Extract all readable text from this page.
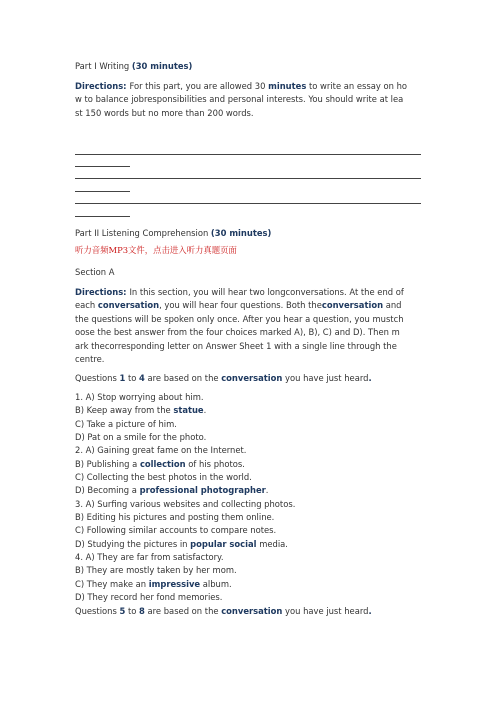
Part I Writing (30 minutes)
Directions: For this part, you are allowed 30 minutes to write an essay on ho
w to balance jobresponsibilities and personal interests. You should write at lea
st 150 words but no more than 200 words.
Part II Listening Comprehension (30 minutes)
听力音频MP3文件，点击进入听力真题页面
Section A
Directions: In this section, you will hear two longconversations. At the end of
each conversation, you will hear four questions. Both theconversation and
the questions will be spoken only once. After you hear a question, you mustch
oose the best answer from the four choices marked A), B), C) and D). Then m
ark thecorresponding letter on Answer Sheet 1 with a single line through the
centre.
Questions 1 to 4 are based on the conversation you have just heard.
1. A) Stop worrying about him.
B) Keep away from the statue.
C) Take a picture of him.
D) Pat on a smile for the photo.
2. A) Gaining great fame on the Internet.
B) Publishing a collection of his photos.
C) Collecting the best photos in the world.
D) Becoming a professional photographer.
3. A) Surfing various websites and collecting photos.
B) Editing his pictures and posting them online.
C) Following similar accounts to compare notes.
D) Studying the pictures in popular social media.
4. A) They are far from satisfactory.
B) They are mostly taken by her mom.
C) They make an impressive album.
D) They record her fond memories.
Questions 5 to 8 are based on the conversation you have just heard.
